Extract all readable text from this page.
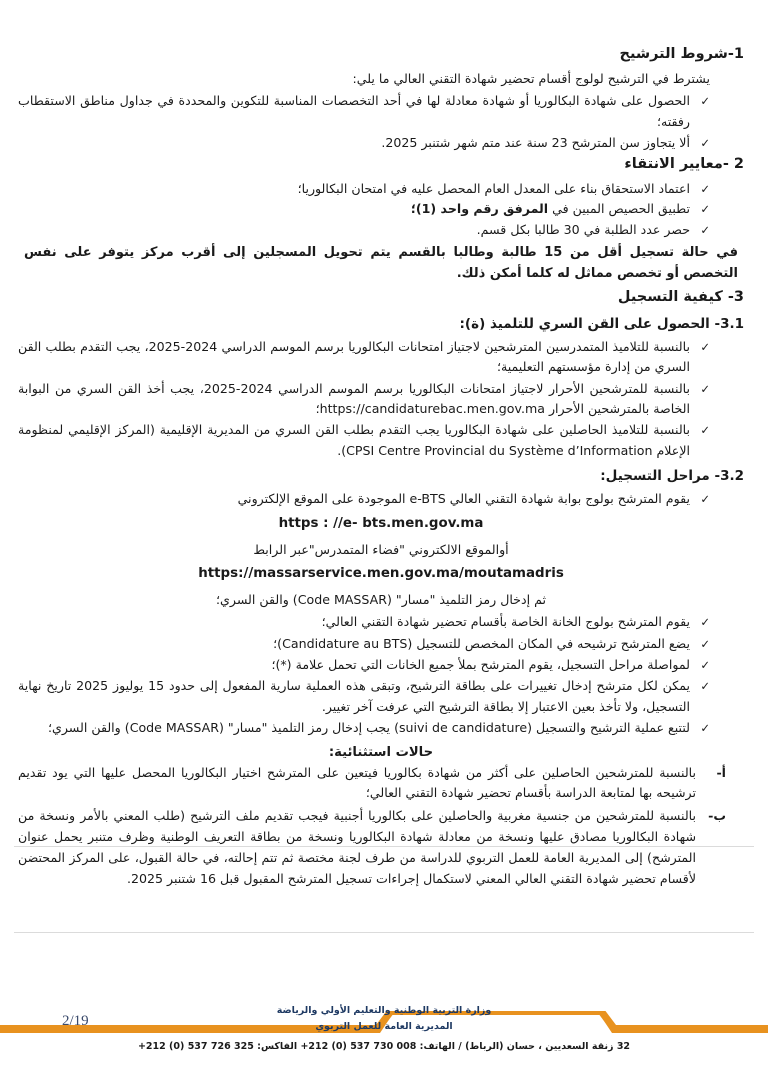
1-شروط الترشيح
يشترط في الترشيح لولوج أقسام تحضير شهادة التقني العالي ما يلي:
✓
الحصول على شهادة البكالوريا أو شهادة معادلة لها في أحد التخصصات المناسبة للتكوين والمحددة في جداول مناطق الاستقطاب رفقته؛
✓
ألا يتجاوز سن المترشح 23 سنة عند متم شهر شتنبر 2025.
2 -معايير الانتقاء
✓
اعتماد الاستحقاق بناء على المعدل العام المحصل عليه في امتحان البكالوريا؛
✓
تطبيق الحصيص المبين في المرفق رقم واحد (1)؛
✓
حصر عدد الطلبة في 30 طالبا بكل قسم.
في حالة تسجيل أقل من 15 طالبة وطالبا بالقسم يتم تحويل المسجلين إلى أقرب مركز يتوفر على نفس التخصص أو تخصص مماثل له كلما أمكن ذلك.
3- كيفية التسجيل
3.1- الحصول على القن السري للتلميذ (ة):
✓
بالنسبة للتلاميذ المتمدرسين المترشحين لاجتياز امتحانات البكالوريا برسم الموسم الدراسي 2024-2025، يجب التقدم بطلب القن السري من إدارة مؤسستهم التعليمية؛
✓
بالنسبة للمترشحين الأحرار لاجتياز امتحانات البكالوريا برسم الموسم الدراسي 2024-2025، يجب أخذ القن السري من البوابة الخاصة بالمترشحين الأحرار https://candidaturebac.men.gov.ma؛
✓
بالنسبة للتلاميذ الحاصلين على شهادة البكالوريا يجب التقدم بطلب القن السري من المديرية الإقليمية (المركز الإقليمي لمنظومة الإعلام CPSI Centre Provincial du Système d’Information).
3.2- مراحل التسجيل:
✓
يقوم المترشح بولوج بوابة شهادة التقني العالي e-BTS الموجودة على الموقع الإلكتروني
https : //e- bts.men.gov.ma
أوالموقع الالكتروني "فضاء المتمدرس"عبر الرابط
https://massarservice.men.gov.ma/moutamadris
ثم إدخال رمز التلميذ "مسار" (Code MASSAR) والقن السري؛
✓
يقوم المترشح بولوج الخانة الخاصة بأقسام تحضير شهادة التقني العالي؛
✓
يضع المترشح ترشيحه في المكان المخصص للتسجيل (Candidature au BTS)؛
✓
لمواصلة مراحل التسجيل، يقوم المترشح بملأ جميع الخانات التي تحمل علامة (*)؛
✓
يمكن لكل مترشح إدخال تغييرات على بطاقة الترشيح، وتبقى هذه العملية سارية المفعول إلى حدود 15 يوليوز 2025 تاريخ نهاية التسجيل، ولا تأخذ بعين الاعتبار إلا بطاقة الترشيح التي عرفت آخر تغيير.
✓
لتتبع عملية الترشيح والتسجيل (suivi de candidature) يجب إدخال رمز التلميذ "مسار" (Code MASSAR) والقن السري؛
حالات استثنائية:
أ-
بالنسبة للمترشحين الحاصلين على أكثر من شهادة بكالوريا فيتعين على المترشح اختيار البكالوريا المحصل عليها التي يود تقديم ترشيحه بها لمتابعة الدراسة بأقسام تحضير شهادة التقني العالي؛
ب-
بالنسبة للمترشحين من جنسية مغربية والحاصلين على بكالوريا أجنبية فيجب تقديم ملف الترشيح (طلب المعني بالأمر ونسخة من شهادة البكالوريا مصادق عليها ونسخة من معادلة شهادة البكالوريا ونسخة من بطاقة التعريف الوطنية وظرف متنبر يحمل عنوان المترشح) إلى المديرية العامة للعمل التربوي للدراسة من طرف لجنة مختصة ثم تتم إحالته، في حالة القبول، على المركز المحتضن لأقسام تحضير شهادة التقني العالي المعني لاستكمال إجراءات تسجيل المترشح المقبول قبل 16 شتنبر 2025.
2/19
وزارة التربية الوطنية والتعليم الأولي والرياضة
المديرية العامة للعمل التربوي
32 زنقة السعديين ، حسان (الرباط) / الهاتف: 008 730 537 (0) 212+ الفاكس: 325 726 537 (0) 212+
